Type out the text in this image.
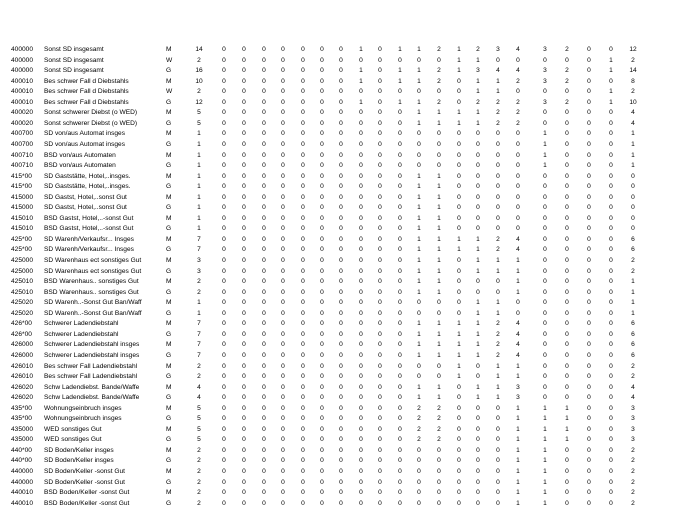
400000 Sonst SD insgesamt	M	14	0	0	0	0	0	0	0	1	0	1	1	2	1	2	3	4	3	2	0	0	12
400000 Sonst SD insgesamt	W	2	0	0	0	0	0	0	0	0	0	0	0	0	1	1	0	0	0	0	0	1	2
400000 Sonst SD insgesamt	G	16	0	0	0	0	0	0	0	1	0	1	1	2	1	3	4	4	3	2	0	1	14
400010 Bes schwer Fall d Diebstahls	M	10	0	0	0	0	0	0	0	1	0	1	1	2	0	1	1	2	3	2	0	0	8
400010 Bes schwer Fall d Diebstahls	W	2	0	0	0	0	0	0	0	0	0	0	0	0	0	1	1	0	0	0	0	1	2
400010 Bes schwer Fall d Diebstahls	G	12	0	0	0	0	0	0	0	1	0	1	1	2	0	2	2	2	3	2	0	1	10
400020 Sonst schwerer Diebst (o WED)	M	5	0	0	0	0	0	0	0	0	0	0	1	1	1	1	2	2	0	0	0	0	4
400020 Sonst schwerer Diebst (o WED)	G	5	0	0	0	0	0	0	0	0	0	0	1	1	1	1	2	2	0	0	0	0	4
400700 SD von/aus Automat insges	M	1	0	0	0	0	0	0	0	0	0	0	0	0	0	0	0	0	1	0	0	0	1
400700 SD von/aus Automat insges	G	1	0	0	0	0	0	0	0	0	0	0	0	0	0	0	0	0	1	0	0	0	1
400710 BSD von/aus Automaten	M	1	0	0	0	0	0	0	0	0	0	0	0	0	0	0	0	0	1	0	0	0	1
400710 BSD von/aus Automaten	G	1	0	0	0	0	0	0	0	0	0	0	0	0	0	0	0	0	1	0	0	0	1
415*00 SD Gaststätte, Hotel,..insges.	M	1	0	0	0	0	0	0	0	0	0	0	1	1	0	0	0	0	0	0	0	0	0
415*00 SD Gaststätte, Hotel,..insges.	G	1	0	0	0	0	0	0	0	0	0	0	1	1	0	0	0	0	0	0	0	0	0
415000 SD Gastst, Hotel,..sonst Gut	M	1	0	0	0	0	0	0	0	0	0	0	1	1	0	0	0	0	0	0	0	0	0
415000 SD Gastst, Hotel,..sonst Gut	G	1	0	0	0	0	0	0	0	0	0	0	1	1	0	0	0	0	0	0	0	0	0
415010 BSD Gastst, Hotel,..-sonst Gut	M	1	0	0	0	0	0	0	0	0	0	0	1	1	0	0	0	0	0	0	0	0	0
415010 BSD Gastst, Hotel,..-sonst Gut	G	1	0	0	0	0	0	0	0	0	0	0	1	1	0	0	0	0	0	0	0	0	0
425*00 SD Warenh/Verkaufsr... Insges	M	7	0	0	0	0	0	0	0	0	0	0	1	1	1	1	2	4	0	0	0	0	6
425*00 SD Warenh/Verkaufsr... Insges	G	7	0	0	0	0	0	0	0	0	0	0	1	1	1	1	2	4	0	0	0	0	6
425000 SD Warenhaus ect sonstiges Gut	M	3	0	0	0	0	0	0	0	0	0	0	1	1	0	1	1	1	0	0	0	0	2
425000 SD Warenhaus ect sonstiges Gut	G	3	0	0	0	0	0	0	0	0	0	0	1	1	0	1	1	1	0	0	0	0	2
425010 BSD Warenhaus.. sonstiges Gut	M	2	0	0	0	0	0	0	0	0	0	0	1	1	0	0	0	1	0	0	0	0	1
425010 BSD Warenhaus.. sonstiges Gut	G	2	0	0	0	0	0	0	0	0	0	0	1	1	0	0	0	1	0	0	0	0	1
425020 SD Warenh..-Sonst Gut Ban/Waff	M	1	0	0	0	0	0	0	0	0	0	0	0	0	0	1	1	0	0	0	0	0	1
425020 SD Warenh..-Sonst Gut Ban/Waff	G	1	0	0	0	0	0	0	0	0	0	0	0	0	0	1	1	0	0	0	0	0	1
426*00 Schwerer Ladendiebstahl	M	7	0	0	0	0	0	0	0	0	0	0	1	1	1	1	2	4	0	0	0	0	6
426*00 Schwerer Ladendiebstahl	G	7	0	0	0	0	0	0	0	0	0	0	1	1	1	1	2	4	0	0	0	0	6
426000 Schwerer Ladendiebstahl insges	M	7	0	0	0	0	0	0	0	0	0	0	1	1	1	1	2	4	0	0	0	0	6
426000 Schwerer Ladendiebstahl insges	G	7	0	0	0	0	0	0	0	0	0	0	1	1	1	1	2	4	0	0	0	0	6
426010 Bes schwer Fall Ladendiebstahl	M	2	0	0	0	0	0	0	0	0	0	0	0	0	1	0	1	1	0	0	0	0	2
426010 Bes schwer Fall Ladendiebstahl	G	2	0	0	0	0	0	0	0	0	0	0	0	0	1	0	1	1	0	0	0	0	2
426020 Schw Ladendiebst. Bande/Waffe	M	4	0	0	0	0	0	0	0	0	0	0	1	1	0	1	1	3	0	0	0	0	4
426020 Schw Ladendiebst. Bande/Waffe	G	4	0	0	0	0	0	0	0	0	0	0	1	1	0	1	1	3	0	0	0	0	4
435*00 Wohnungseinbruch insges	M	5	0	0	0	0	0	0	0	0	0	0	2	2	0	0	0	1	1	1	0	0	3
435*00 Wohnungseinbruch insges	G	5	0	0	0	0	0	0	0	0	0	0	2	2	0	0	0	1	1	1	0	0	3
435000 WED sonstiges Gut	M	5	0	0	0	0	0	0	0	0	0	0	2	2	0	0	0	1	1	1	0	0	3
435000 WED sonstiges Gut	G	5	0	0	0	0	0	0	0	0	0	0	2	2	0	0	0	1	1	1	0	0	3
440*00 SD Boden/Keller insges	M	2	0	0	0	0	0	0	0	0	0	0	0	0	0	0	0	1	1	0	0	0	2
440*00 SD Boden/Keller insges	G	2	0	0	0	0	0	0	0	0	0	0	0	0	0	0	0	1	1	0	0	0	2
440000 SD Boden/Keller -sonst Gut	M	2	0	0	0	0	0	0	0	0	0	0	0	0	0	0	0	1	1	0	0	0	2
440000 SD Boden/Keller -sonst Gut	G	2	0	0	0	0	0	0	0	0	0	0	0	0	0	0	0	1	1	0	0	0	2
440010 BSD Boden/Keller -sonst Gut	M	2	0	0	0	0	0	0	0	0	0	0	0	0	0	0	0	1	1	0	0	0	2
440010 BSD Boden/Keller -sonst Gut	G	2	0	0	0	0	0	0	0	0	0	0	0	0	0	0	0	1	1	0	0	0	2
